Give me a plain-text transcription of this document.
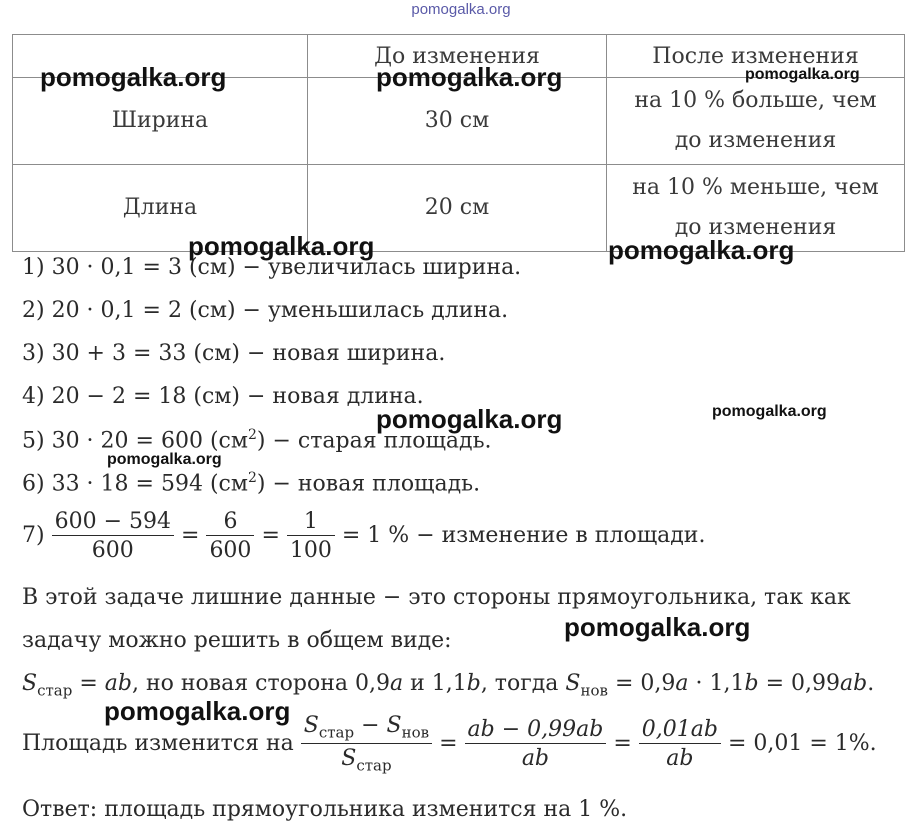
pomogalka.org
	До изменения	После изменения
Ширина	30 см	на 10 % больше, чем
до изменения
Длина	20 см	на 10 % меньше, чем
до изменения
1) 30 · 0,1 = 3 (см) − увеличилась ширина.
2) 20 · 0,1 = 2 (см) − уменьшилась длина.
3) 30 + 3 = 33 (см) − новая ширина.
4) 20 − 2 = 18 (см) − новая длина.
5) 30 · 20 = 600 $(см^2)$ − старая площадь.
6) 33 · 18 = 594 $(см^2)$ − новая площадь.
$7) \frac{600 - 594}{600} = \frac{6}{600} = \frac{1}{100} = 1$ % − изменение в площади.
В этой задаче лишние данные − это стороны прямоугольника, так как
задачу можно решить в общем виде:
$S_{стар}$ = ab, но новая сторона 0,9a и 1,1b, тогда $S_{нов} = 0,9a \cdot 1,1b = 0,99ab$.
Площадь изменится на $\frac{S_{стар} - S_{нов}}{S_{стар}} = \frac{ab - 0,99ab}{ab} = \frac{0,01ab}{ab} = 0,01 = 1\%$.
Ответ: площадь прямоугольника изменится на 1 %.
pomogalka.org	pomogalka.org	pomogalka.org
pomogalka.org	pomogalka.org
pomogalka.org	pomogalka.org
pomogalka.org
pomogalka.org
pomogalka.org
